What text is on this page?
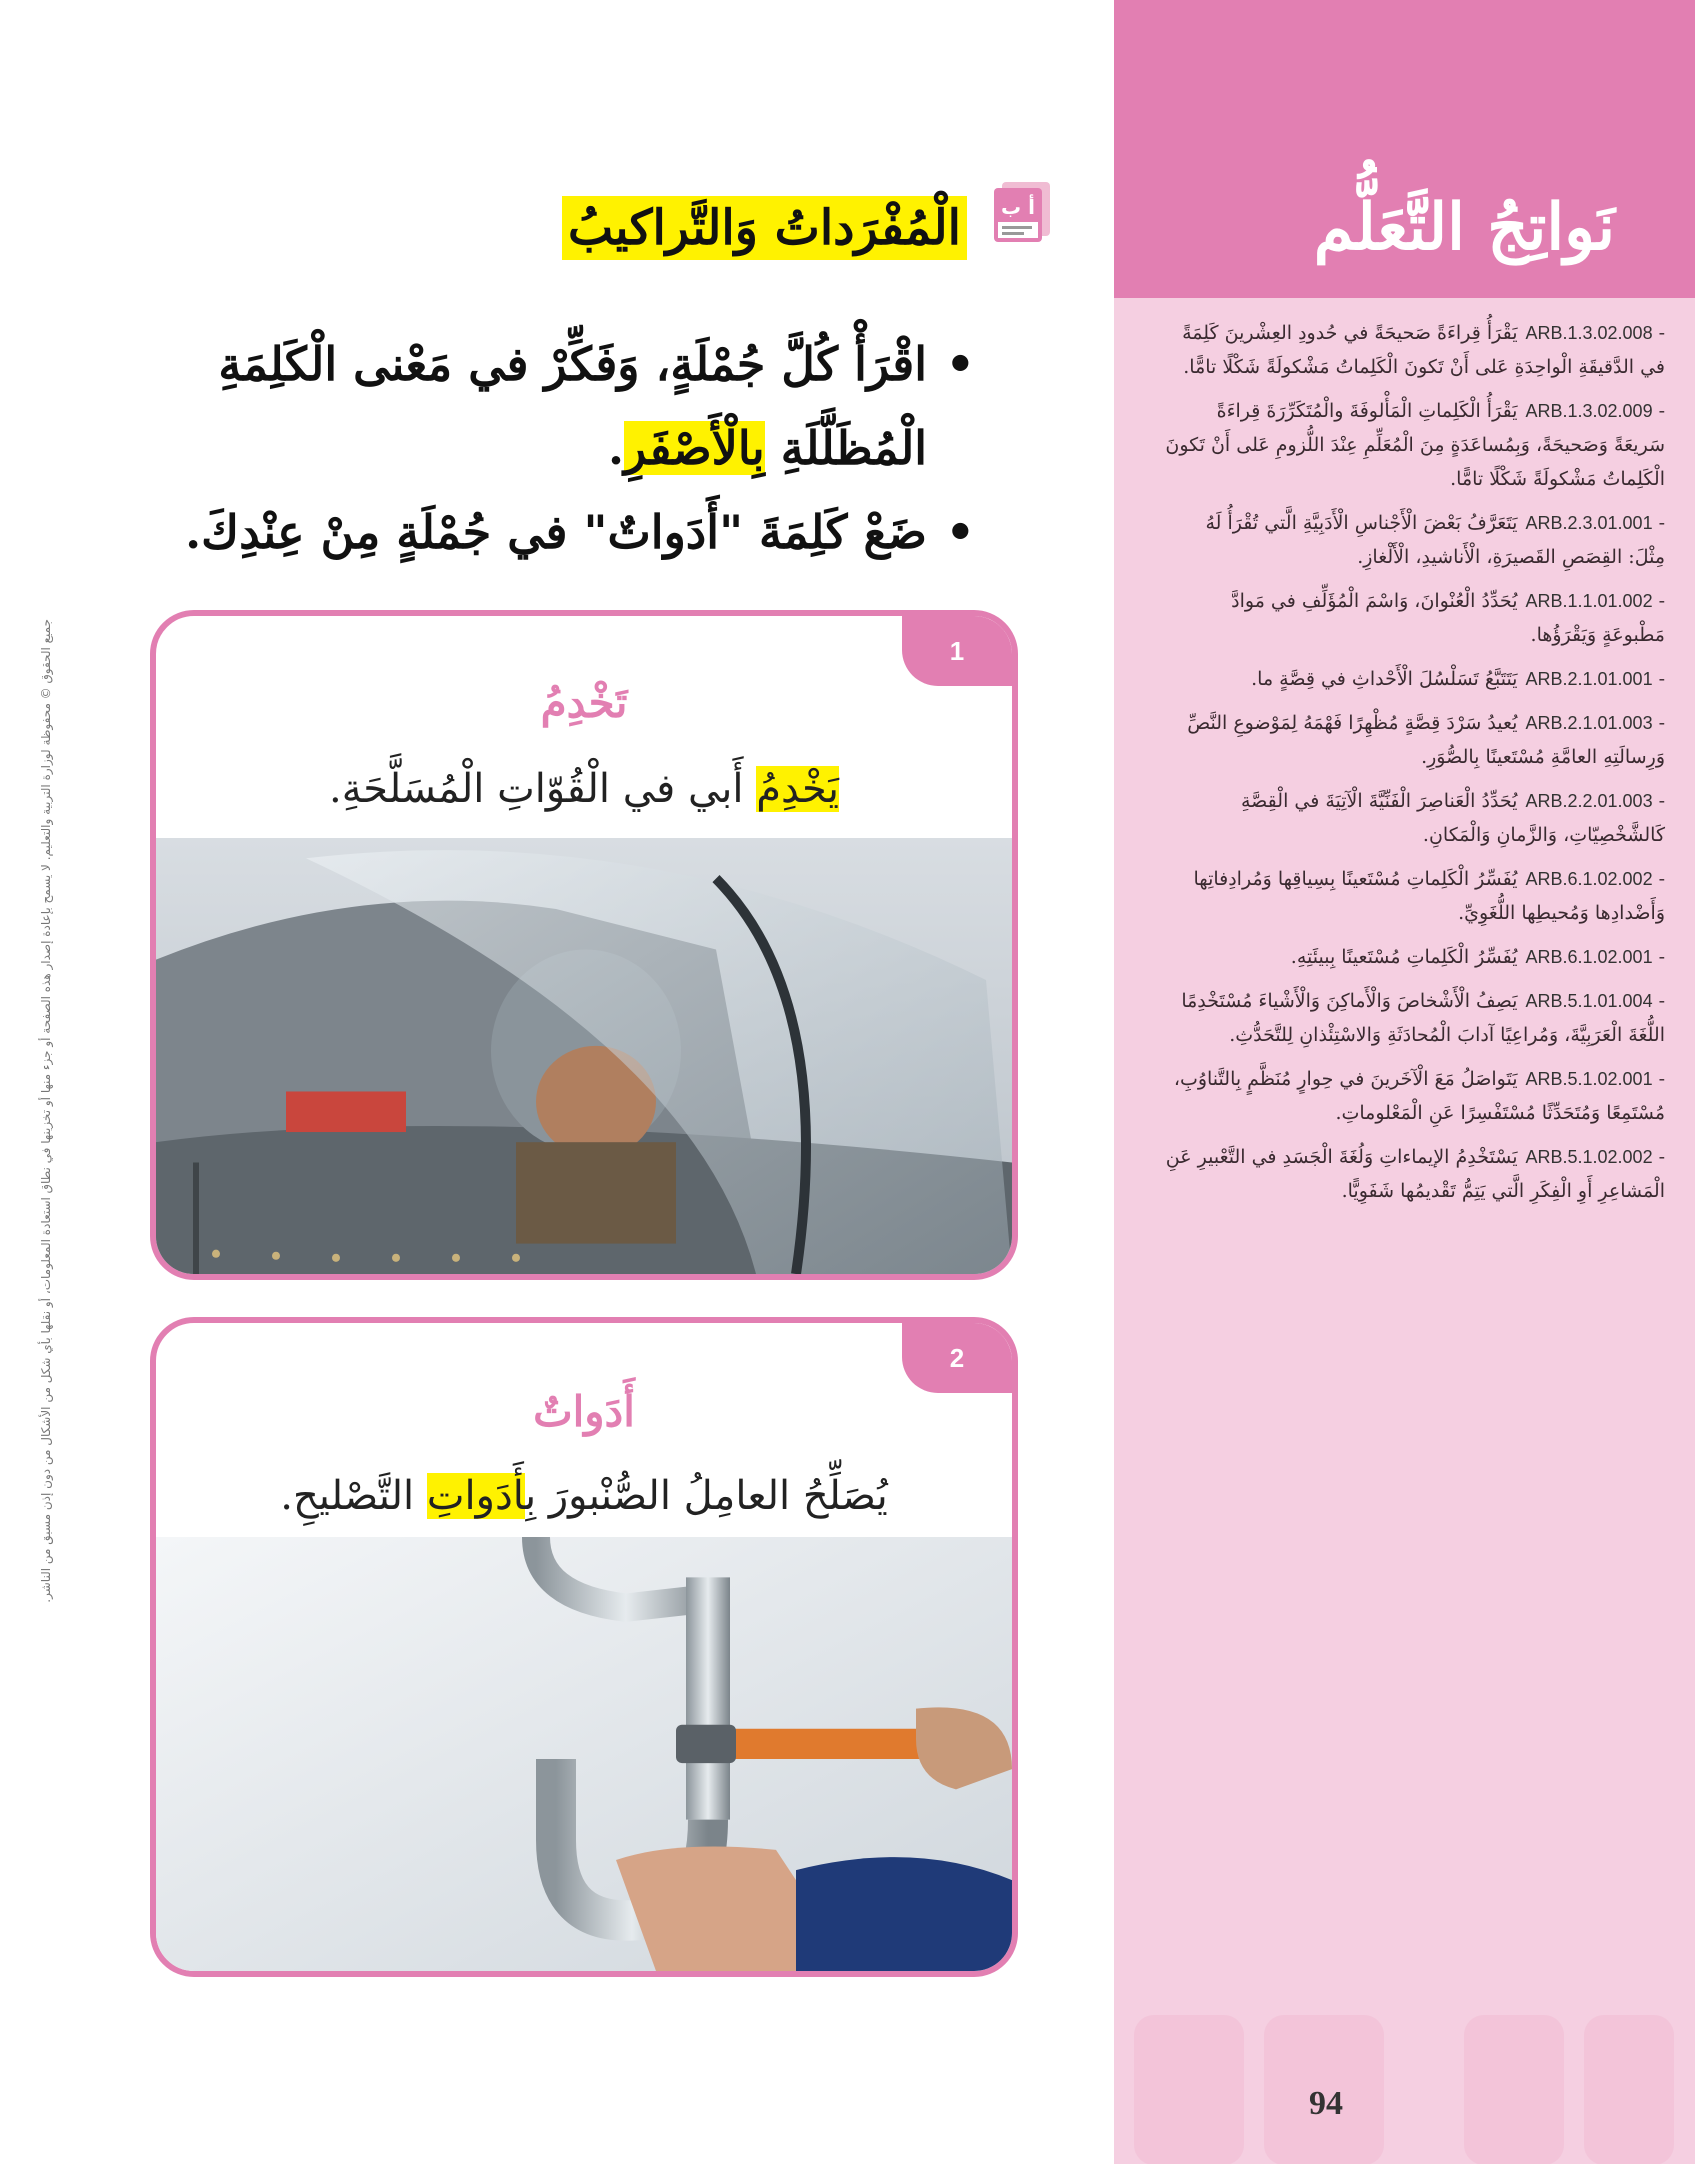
نَواتِجُ التَّعَلُّم
-ARB.1.3.02.008يَقْرَأُ قِراءَةً صَحيحَةً في حُدودِ العِشْرينَ كَلِمَةً في الدَّقيقَةِ الْواحِدَةِ عَلى أَنْ تَكونَ الْكَلِماتُ مَشْكولَةً شَكْلًا تامًّا.
-ARB.1.3.02.009يَقْرَأُ الْكَلِماتِ الْمَأْلوفَةَ والْمُتَكَرِّرَةَ قِراءَةً سَريعَةً وَصَحيحَةً، وَبِمُساعَدَةٍ مِنَ الْمُعَلِّمِ عِنْدَ اللُّزومِ عَلى أَنْ تَكونَ الْكَلِماتُ مَشْكولَةً شَكْلًا تامًّا.
-ARB.2.3.01.001يَتَعَرَّفُ بَعْضَ الْأَجْناسِ الْأَدَبِيَّةِ الَّتي تُقْرَأُ لَهُ مِثْلَ: القِصَصِ القَصيرَةِ، الْأَناشيدِ، الْأَلْغازِ.
-ARB.1.1.01.002يُحَدِّدُ الْعُنْوانَ، وَاسْمَ الْمُؤَلِّفِ في مَوادَّ مَطْبوعَةٍ وَيَقْرَؤُها.
-ARB.2.1.01.001يَتَتَبَّعُ تَسَلْسُلَ الْأَحْداثِ في قِصَّةٍ ما.
-ARB.2.1.01.003يُعيدُ سَرْدَ قِصَّةٍ مُظْهِرًا فَهْمَهُ لِمَوْضوعِ النَّصِّ وَرِسالَتِهِ العامَّةِ مُسْتَعينًا بِالصُّوَرِ.
-ARB.2.2.01.003يُحَدِّدُ الْعَناصِرَ الْفَنِّيَّةَ الْآتِيَةَ في الْقِصَّةِ كَالشَّخْصِيّاتِ، وَالزَّمانِ وَالْمَكانِ.
-ARB.6.1.02.002يُفَسِّرُ الْكَلِماتِ مُسْتَعينًا بِسِياقِها وَمُرادِفاتِها وَأَضْدادِها وَمُحيطِها اللُّغَوِيِّ.
-ARB.6.1.02.001يُفَسِّرُ الْكَلِماتِ مُسْتَعينًا بِبيئَتِهِ.
-ARB.5.1.01.004يَصِفُ الْأَشْخاصَ وَالْأَماكِنَ وَالْأَشْياءَ مُسْتَخْدِمًا اللُّغَةَ الْعَرَبِيَّةَ، وَمُراعِيًا آدابَ الْمُحادَثَةِ وَالاسْتِئْذانِ لِلتَّحَدُّثِ.
-ARB.5.1.02.001يَتَواصَلُ مَعَ الْآخَرينَ في حِوارٍ مُنَظَّمٍ بِالتَّناوُبِ، مُسْتَمِعًا وَمُتَحَدِّثًا مُسْتَفْسِرًا عَنِ الْمَعْلوماتِ.
-ARB.5.1.02.002يَسْتَخْدِمُ الإيماءاتِ وَلُغَةَ الْجَسَدِ في التَّعْبيرِ عَنِ الْمَشاعِرِ أَوِ الْفِكَرِ الَّتي يَتِمُّ تَقْديمُها شَفَوِيًّا.
94
جميع الحقوق © محفوظة لوزارة التربية والتعليم. لا يسمح بإعادة إصدار هذه الصفحة أو جزء منها أو تخزينها في نطاق استعادة المعلومات، أو نقلها بأي شكل من الأشكال من دون إذن مسبق من الناشر.
أ ب
الْمُفْرَداتُ وَالتَّراكيبُ
•
اقْرَأْ كُلَّ جُمْلَةٍ، وَفَكِّرْ في مَعْنى الْكَلِمَةِ الْمُظَلَّلَةِ بِالْأَصْفَرِ.
•
ضَعْ كَلِمَةَ "أَدَواتٌ" في جُمْلَةٍ مِنْ عِنْدِكَ.
1
تَخْدِمُ
يَخْدِمُ أَبي في الْقُوّاتِ الْمُسَلَّحَةِ.
2
أَدَواتٌ
يُصَلِّحُ العامِلُ الصُّنْبورَ بِأَدَواتِ التَّصْليحِ.
